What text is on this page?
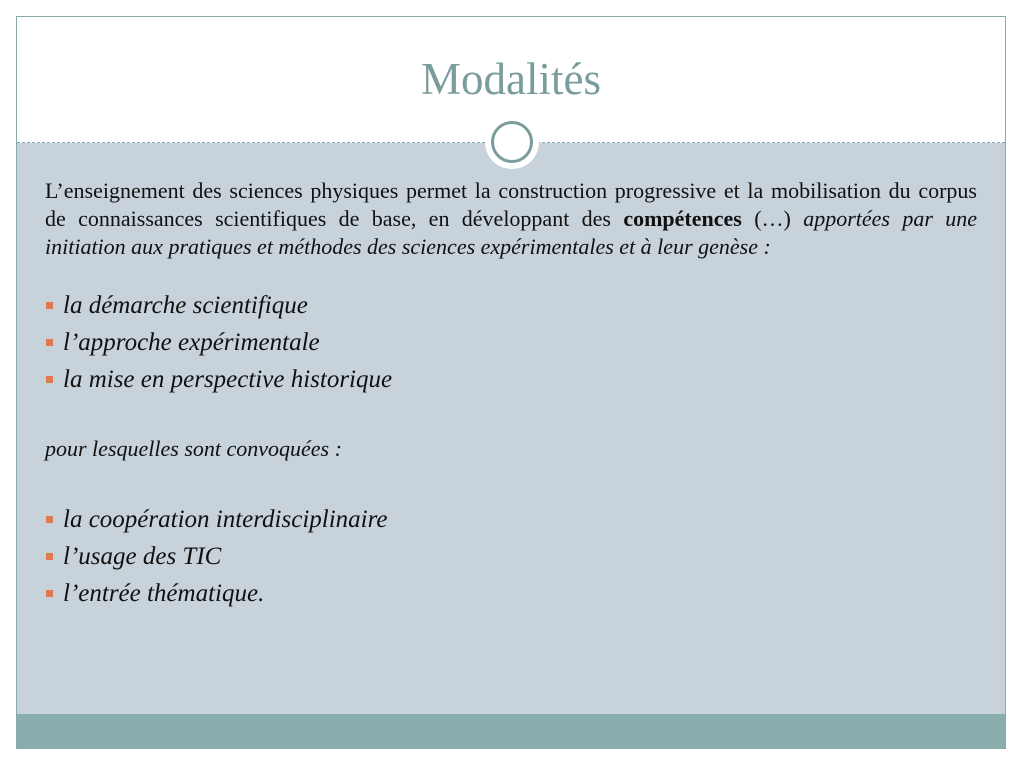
Modalités

L’enseignement des sciences physiques permet la construction progressive et la mobilisation du corpus de connaissances scientifiques de base, en développant des compétences (…) apportées par une initiation aux pratiques et méthodes des sciences expérimentales et à leur genèse :

la démarche scientifique
l’approche expérimentale
la mise en perspective historique
pour lesquelles sont convoquées :
la coopération interdisciplinaire
l’usage des TIC
l’entrée thématique.
